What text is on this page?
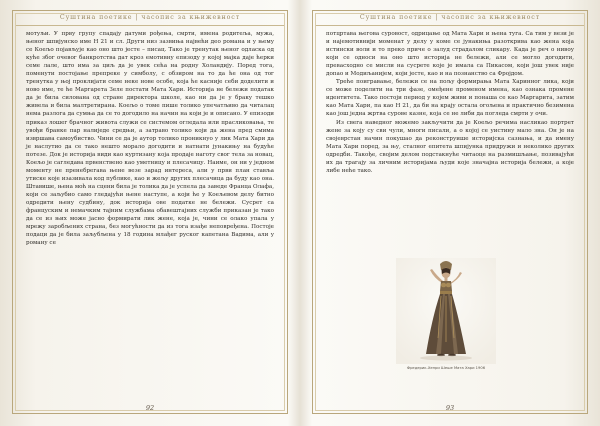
Суштина поетике | часопис за књижевност

мотуљи. У прву групу спадају датуми рођења, смрти, имена родитеља, мужа, њеног шпијунско име Н 21 и сл. Други низ зазвиња највећи део романа и у њему се Коељо појављује као оно што јесте – писац. Тако је тренутак њеног одласка од куће због очевог банкротства дат кроз емотивну епизоду у којој мајка даје ћерки семе лале, што има за циљ да је увек сећа на родну Холандију. Поред тога, поменути постојање препреке у симболу, с обзиром на то да ће она од тог тренутка у њој проклијати семе неке нове особе, која ће касније себи доделити и ново име, те ће Маргарета Зеле постати Мата Хари. Историја не бележи податак да је била силована од стране директора школе, као ни да је у браку тешко живела и била малтретирана. Коељо о томе пише толико упечатљиво да читалац нема разлога да сумња да се то догодило на начин на који је и описано. У епизоди приказ лошег брачног живота служи се системом огледала или прасликовања, те увођи бранке пар налиједе средњи, а затраво толико који да жена пред смима извршава самоубиство. Чини се да је аутор толико проникнуо у лик Мата Хари да је наслутио да се тако нешто морало догодити и натнати јунакињу на будуће потезе. Док је историја види као куртизану која продаје наготу свог тела за новац, Коељо је сагледава првенствено као уметницу и плесачицу. Наиме, он ни у једном моменту не пренебрегава њене везе зарад интереса, али у први план ставља утиске које изазивала код публике, као и жељу других плесачица да буду као она. Штавише, њена моћ на сцени била је толика да је успела да заведе Франца Олафа, који се заљубио само гледајући њене наступе, а који ће у Коељевом делу битно одредити њену судбину, док историја ове податке не бележи. Сусрет са француским и немачким тајним службама обавештајних служби приказан је тако да се из њих може јасно формирати лик жене, која је, чини се олако упала у мрежу заробљених страна, без могућности да из тога изађе неповређена. Постоје подаци да је била заљубљена у 18 година млађег руског капетана Вадима, али у роману се

92
Суштина поетике | часопис за књижевност

потцртава његова суровост, одрицање од Мата Хари и њена туга. Са тим у вези је и најемотивнији моменат у делу у коме се јунакиња разоткрива као жена која истински воли и то преко приче о залуд страдалом сликару. Када је реч о нивоу који се односи на оно што историја не бележи, али се могло догодити, превасходно се мисли на сусрете које је имала са Пикасом, који још увек није допао и Модиљанијем, који јесте, као и на познанство са Фројдом.

Треће поигравање, бележи се на пољу формирања Мата Харинног лика, који се може поделити на три фазе, омеђене променом имена, као ознака промене идентитета. Тако постоји период у којем живи и понаша се као Маргарита, затим као Мата Хари, па као Н 21, да би на крају остала огољена и практично безимена као још једна жртва сурове казне, која се не либи да погледа смрти у очи.

Из свега наведног можемо закључити да је Коељо речима насликао портрет жене за коју су сви чули, многи писали, а о којој се уистину мало зна. Он је на својеврстан начин покушао да реконструише историјска сазнања, и да имену Мата Хари поред, за њу, сталног епитета шпијунка придружи и неколико других одредби. Такође, својим делом подстакнуће читаоце на размишљање, позивајући их да трагају за личним историјама људи које значајна историја бележи, а које либе неће тако.

Фредерик-Хенри Шеше Мата Хари 1906
93
